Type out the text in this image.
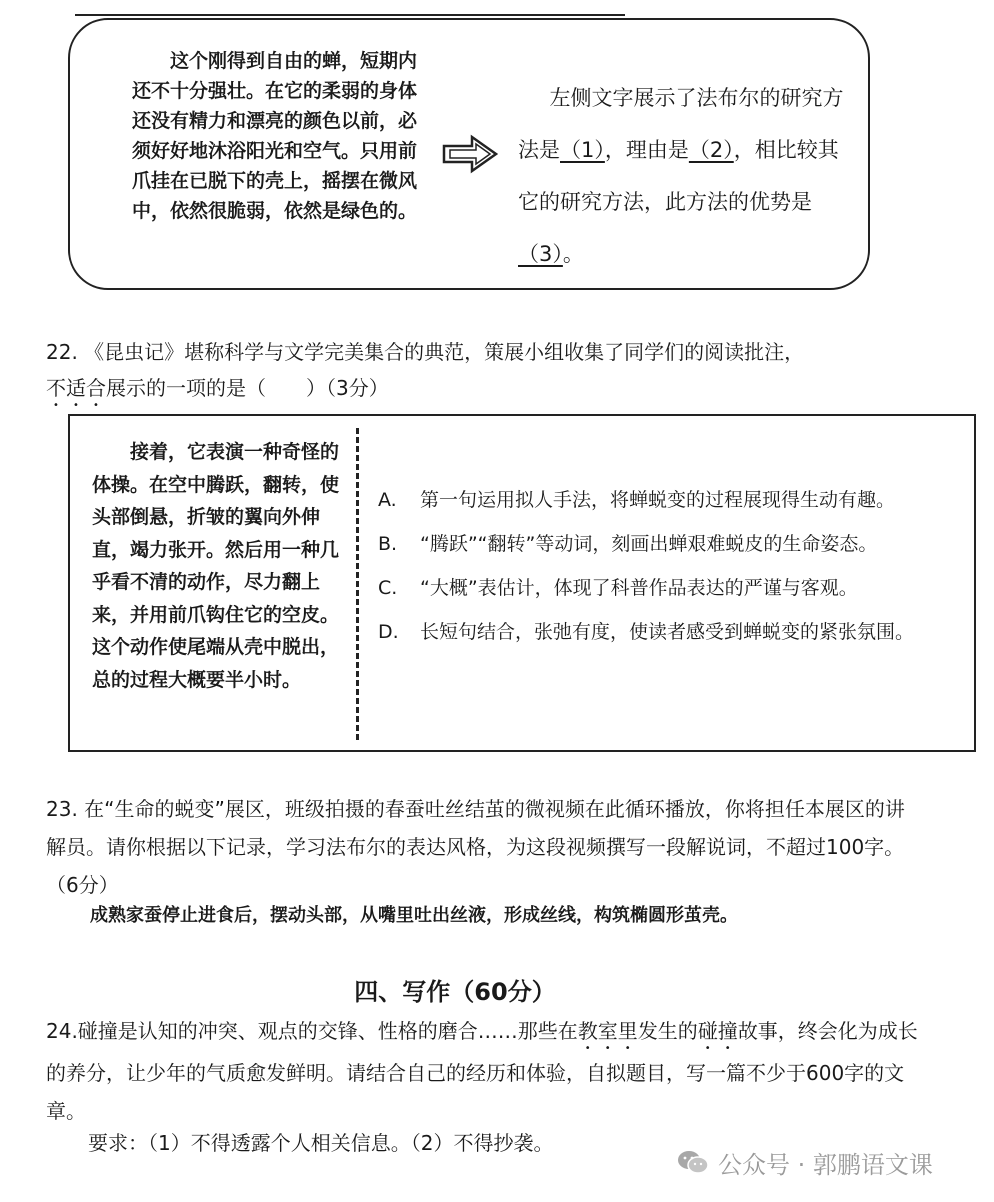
这个刚得到自由的蝉，短期内还不十分强壮。在它的柔弱的身体还没有精力和漂亮的颜色以前，必须好好地沐浴阳光和空气。只用前爪挂在已脱下的壳上，摇摆在微风中，依然很脆弱，依然是绿色的。

左侧文字展示了法布尔的研究方法是（1），理由是（2），相比较其它的研究方法，此方法的优势是（3）。

22. 《昆虫记》堪称科学与文学完美集合的典范，策展小组收集了同学们的阅读批注，

不适合展示的一项的是（　　）（3分）

接着，它表演一种奇怪的体操。在空中腾跃，翻转，使头部倒悬，折皱的翼向外伸直，竭力张开。然后用一种几乎看不清的动作，尽力翻上来，并用前爪钩住它的空皮。这个动作使尾端从壳中脱出，总的过程大概要半小时。

A.	第一句运用拟人手法，将蝉蜕变的过程展现得生动有趣。
B.	“腾跃”“翻转”等动词，刻画出蝉艰难蜕皮的生命姿态。
C.	“大概”表估计，体现了科普作品表达的严谨与客观。
D.	长短句结合，张弛有度，使读者感受到蝉蜕变的紧张氛围。

23. 在“生命的蜕变”展区，班级拍摄的春蚕吐丝结茧的微视频在此循环播放，你将担任本展区的讲解员。请你根据以下记录，学习法布尔的表达风格，为这段视频撰写一段解说词，不超过100字。（6分）

成熟家蚕停止进食后，摆动头部，从嘴里吐出丝液，形成丝线，构筑椭圆形茧壳。
四、写作（60分）

24.碰撞是认知的冲突、观点的交锋、性格的磨合……那些在教室里发生的碰撞故事，终会化为成长的养分，让少年的气质愈发鲜明。请结合自己的经历和体验，自拟题目，写一篇不少于600字的文章。

要求：（1）不得透露个人相关信息。（2）不得抄袭。
公众号 · 郭鹏语文课
